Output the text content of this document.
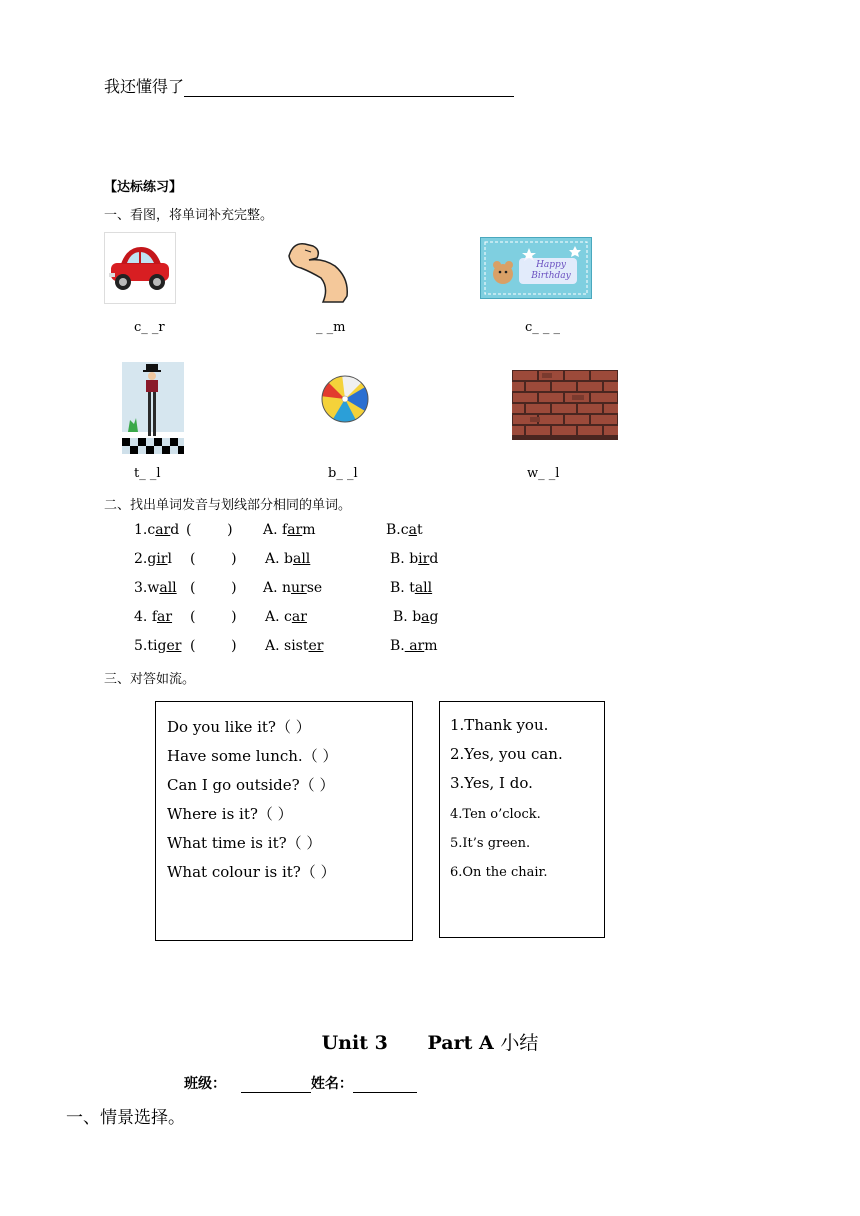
我还懂得了
【达标练习】
一、看图，将单词补充完整。
Happy Birthday
c_ _r	_ _m	c_ _ _
t_ _l	b_ _l	w_ _l
二、找出单词发音与划线部分相同的单词。
1.card (        ) A. farm	B.cat
2.girl (        ) A. ball	B. bird
3.wall (        ) A. nurse	B. tall
4. far (        ) A. car	B. bag
5.tiger (        ) A. sister	B. arm
三、对答如流。
Do you like it?（ ）
Have some lunch.（ ）
Can I go outside?（ ）
Where is it?（ ）
What time is it?（ ）
What colour is it?（ ）
1.Thank you.
2.Yes, you can.
3.Yes, I do.
4.Ten o’clock.
5.It’s green.
6.On the chair.
Unit 3      Part A 小结
班级：	姓名：
一、情景选择。
